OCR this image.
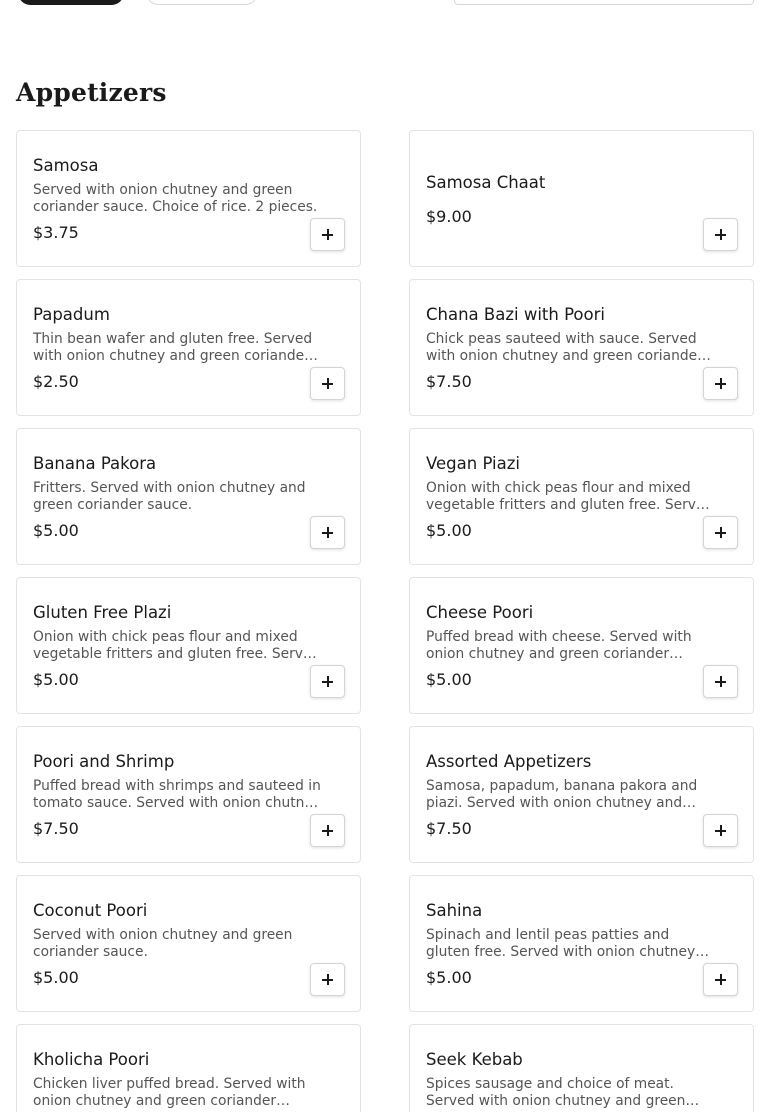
Appetizers
Samosa
Served with onion chutney and green coriander sauce. Choice of rice. 2 pieces.
$3.75
Samosa Chaat
$9.00
Papadum
Thin bean wafer and gluten free. Served with onion chutney and green coriander
$2.50
Chana Bazi with Poori
Chick peas sauteed with sauce. Served with onion chutney and green coriander
$7.50
Banana Pakora
Fritters. Served with onion chutney and green coriander sauce.
$5.00
Vegan Piazi
Onion with chick peas flour and mixed vegetable fritters and gluten free. Served
$5.00
Gluten Free Plazi
Onion with chick peas flour and mixed vegetable fritters and gluten free. Served
$5.00
Cheese Poori
Puffed bread with cheese. Served with onion chutney and green coriander
$5.00
Poori and Shrimp
Puffed bread with shrimps and sauteed in tomato sauce. Served with onion chutney
$7.50
Assorted Appetizers
Samosa, papadum, banana pakora and piazi. Served with onion chutney and
$7.50
Coconut Poori
Served with onion chutney and green coriander sauce.
$5.00
Sahina
Spinach and lentil peas patties and gluten free. Served with onion chutney
$5.00
Kholicha Poori
Chicken liver puffed bread. Served with onion chutney and green coriander
Seek Kebab
Spices sausage and choice of meat. Served with onion chutney and green
